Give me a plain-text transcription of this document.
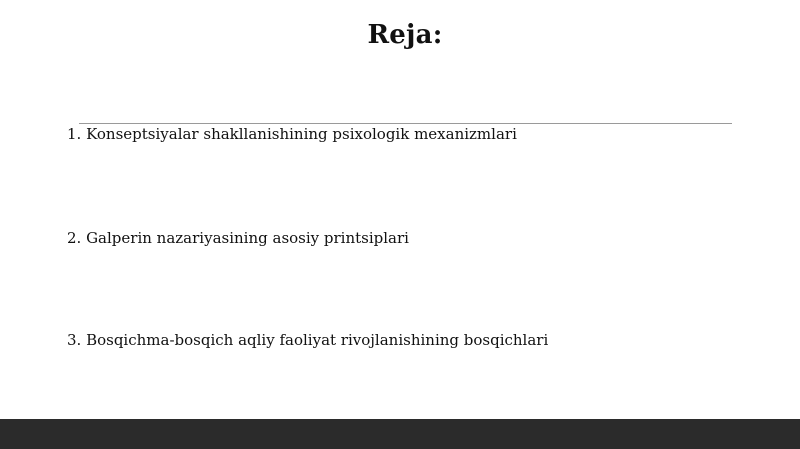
Reja:
1. Konseptsiyalar shakllanishining psixologik mexanizmlari
2. Galperin nazariyasining asosiy printsiplari
3. Bosqichma-bosqich aqliy faoliyat rivojlanishining bosqichlari
